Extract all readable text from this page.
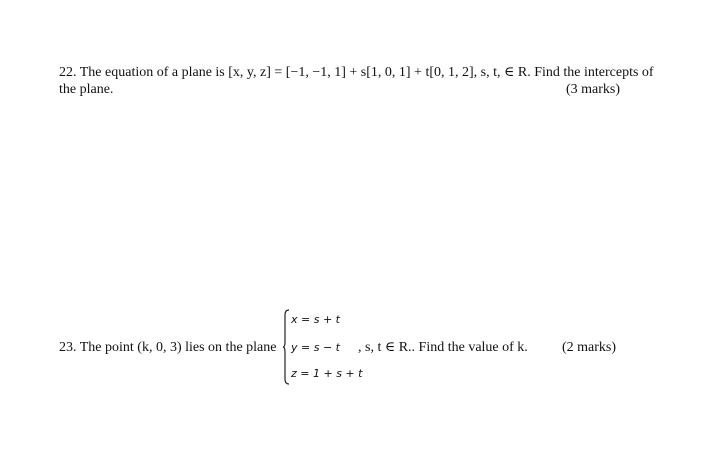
22. The equation of a plane is [x, y, z] = [−1, −1, 1] + s[1, 0, 1] + t[0, 1, 2], s, t, ∈ R. Find the intercepts of
the plane.	(3 marks)
23. The point (k, 0, 3) lies on the plane
x = s + t
y = s − t
z = 1 + s + t
, s, t ∈ R.. Find the value of k. (2 marks)
